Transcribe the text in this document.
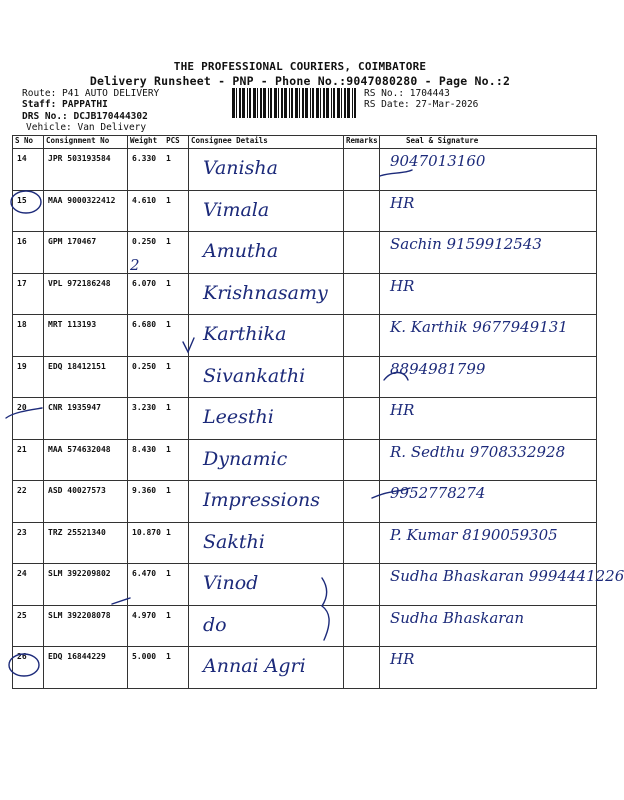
THE PROFESSIONAL COURIERS, COIMBATORE
Delivery Runsheet - PNP - Phone No.:9047080280 - Page No.:2
Route: P41 AUTO DELIVERY
Staff: PAPPATHI
DRS No.: DCJB170444302
Vehicle: Van Delivery
RS No.: 1704443
RS Date: 27-Mar-2026
S No	Consignment No	Weight PCS	Consignee Details	Remarks	Seal & Signature

14	JPR 503193584	6.330 1	Vanisha		9047013160

15	MAA 9000322412	4.610 1	Vimala		HR

16	GPM 170467	0.250 1	Amutha		Sachin 9159912543

17	VPL 972186248	6.070 1	Krishnasamy		HR

18	MRT 113193	6.680 1	Karthika		K. Karthik 9677949131

19	EDQ 18412151	0.250 1	Sivankathi		8894981799

20	CNR 1935947	3.230 1	Leesthi		HR

21	MAA 574632048	8.430 1	Dynamic		R. Sedthu 9708332928

22	ASD 40027573	9.360 1	Impressions		9952778274

23	TRZ 25521340	10.870 1	Sakthi		P. Kumar 8190059305

24	SLM 392209802	6.470 1	Vinod		Sudha Bhaskaran 9994441226

25	SLM 392208078	4.970 1	do		Sudha Bhaskaran

26	EDQ 16844229	5.000 1	Annai Agri		HR
2
